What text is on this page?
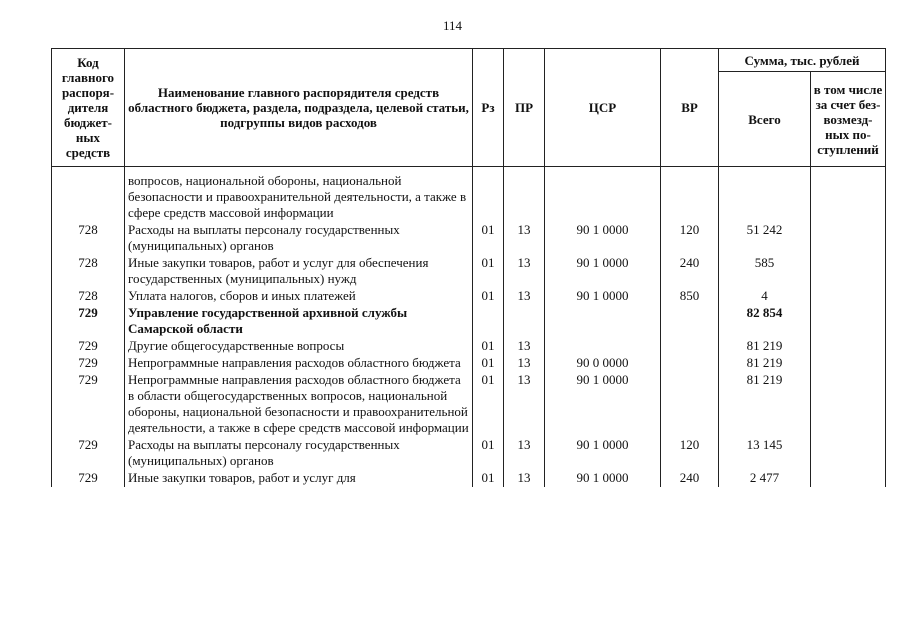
114
Код главного распоря-дителя бюджет-ных средств	Наименование главного распорядителя средств областного бюджета, раздела, подраздела, целевой статьи, подгруппы видов расходов	Рз	ПР	ЦСР	ВР	Сумма, тыс. рублей	
						Всего	в том числе за счет без-возмезд-ных по-ступлений
	вопросов, национальной обороны, национальной безопасности и правоохранительной деятельности, а также в сфере средств массовой информации						
728	Расходы на выплаты персоналу государственных (муниципальных) органов	01	13	90 1 0000	120	51 242	
728	Иные закупки товаров, работ и услуг для обеспечения государственных (муниципальных) нужд	01	13	90 1 0000	240	585	
728	Уплата налогов, сборов и иных платежей	01	13	90 1 0000	850	4	
729	Управление государственной архивной службы Самарской области					82 854	
729	Другие общегосударственные вопросы	01	13			81 219	
729	Непрограммные направления расходов областного бюджета	01	13	90 0 0000		81 219	
729	Непрограммные направления расходов областного бюджета в области общегосударственных вопросов, национальной обороны, национальной безопасности и правоохранительной деятельности, а также в сфере средств массовой информации	01	13	90 1 0000		81 219	
729	Расходы на выплаты персоналу государственных (муниципальных) органов	01	13	90 1 0000	120	13 145	
729	Иные закупки товаров, работ и услуг для	01	13	90 1 0000	240	2 477	
